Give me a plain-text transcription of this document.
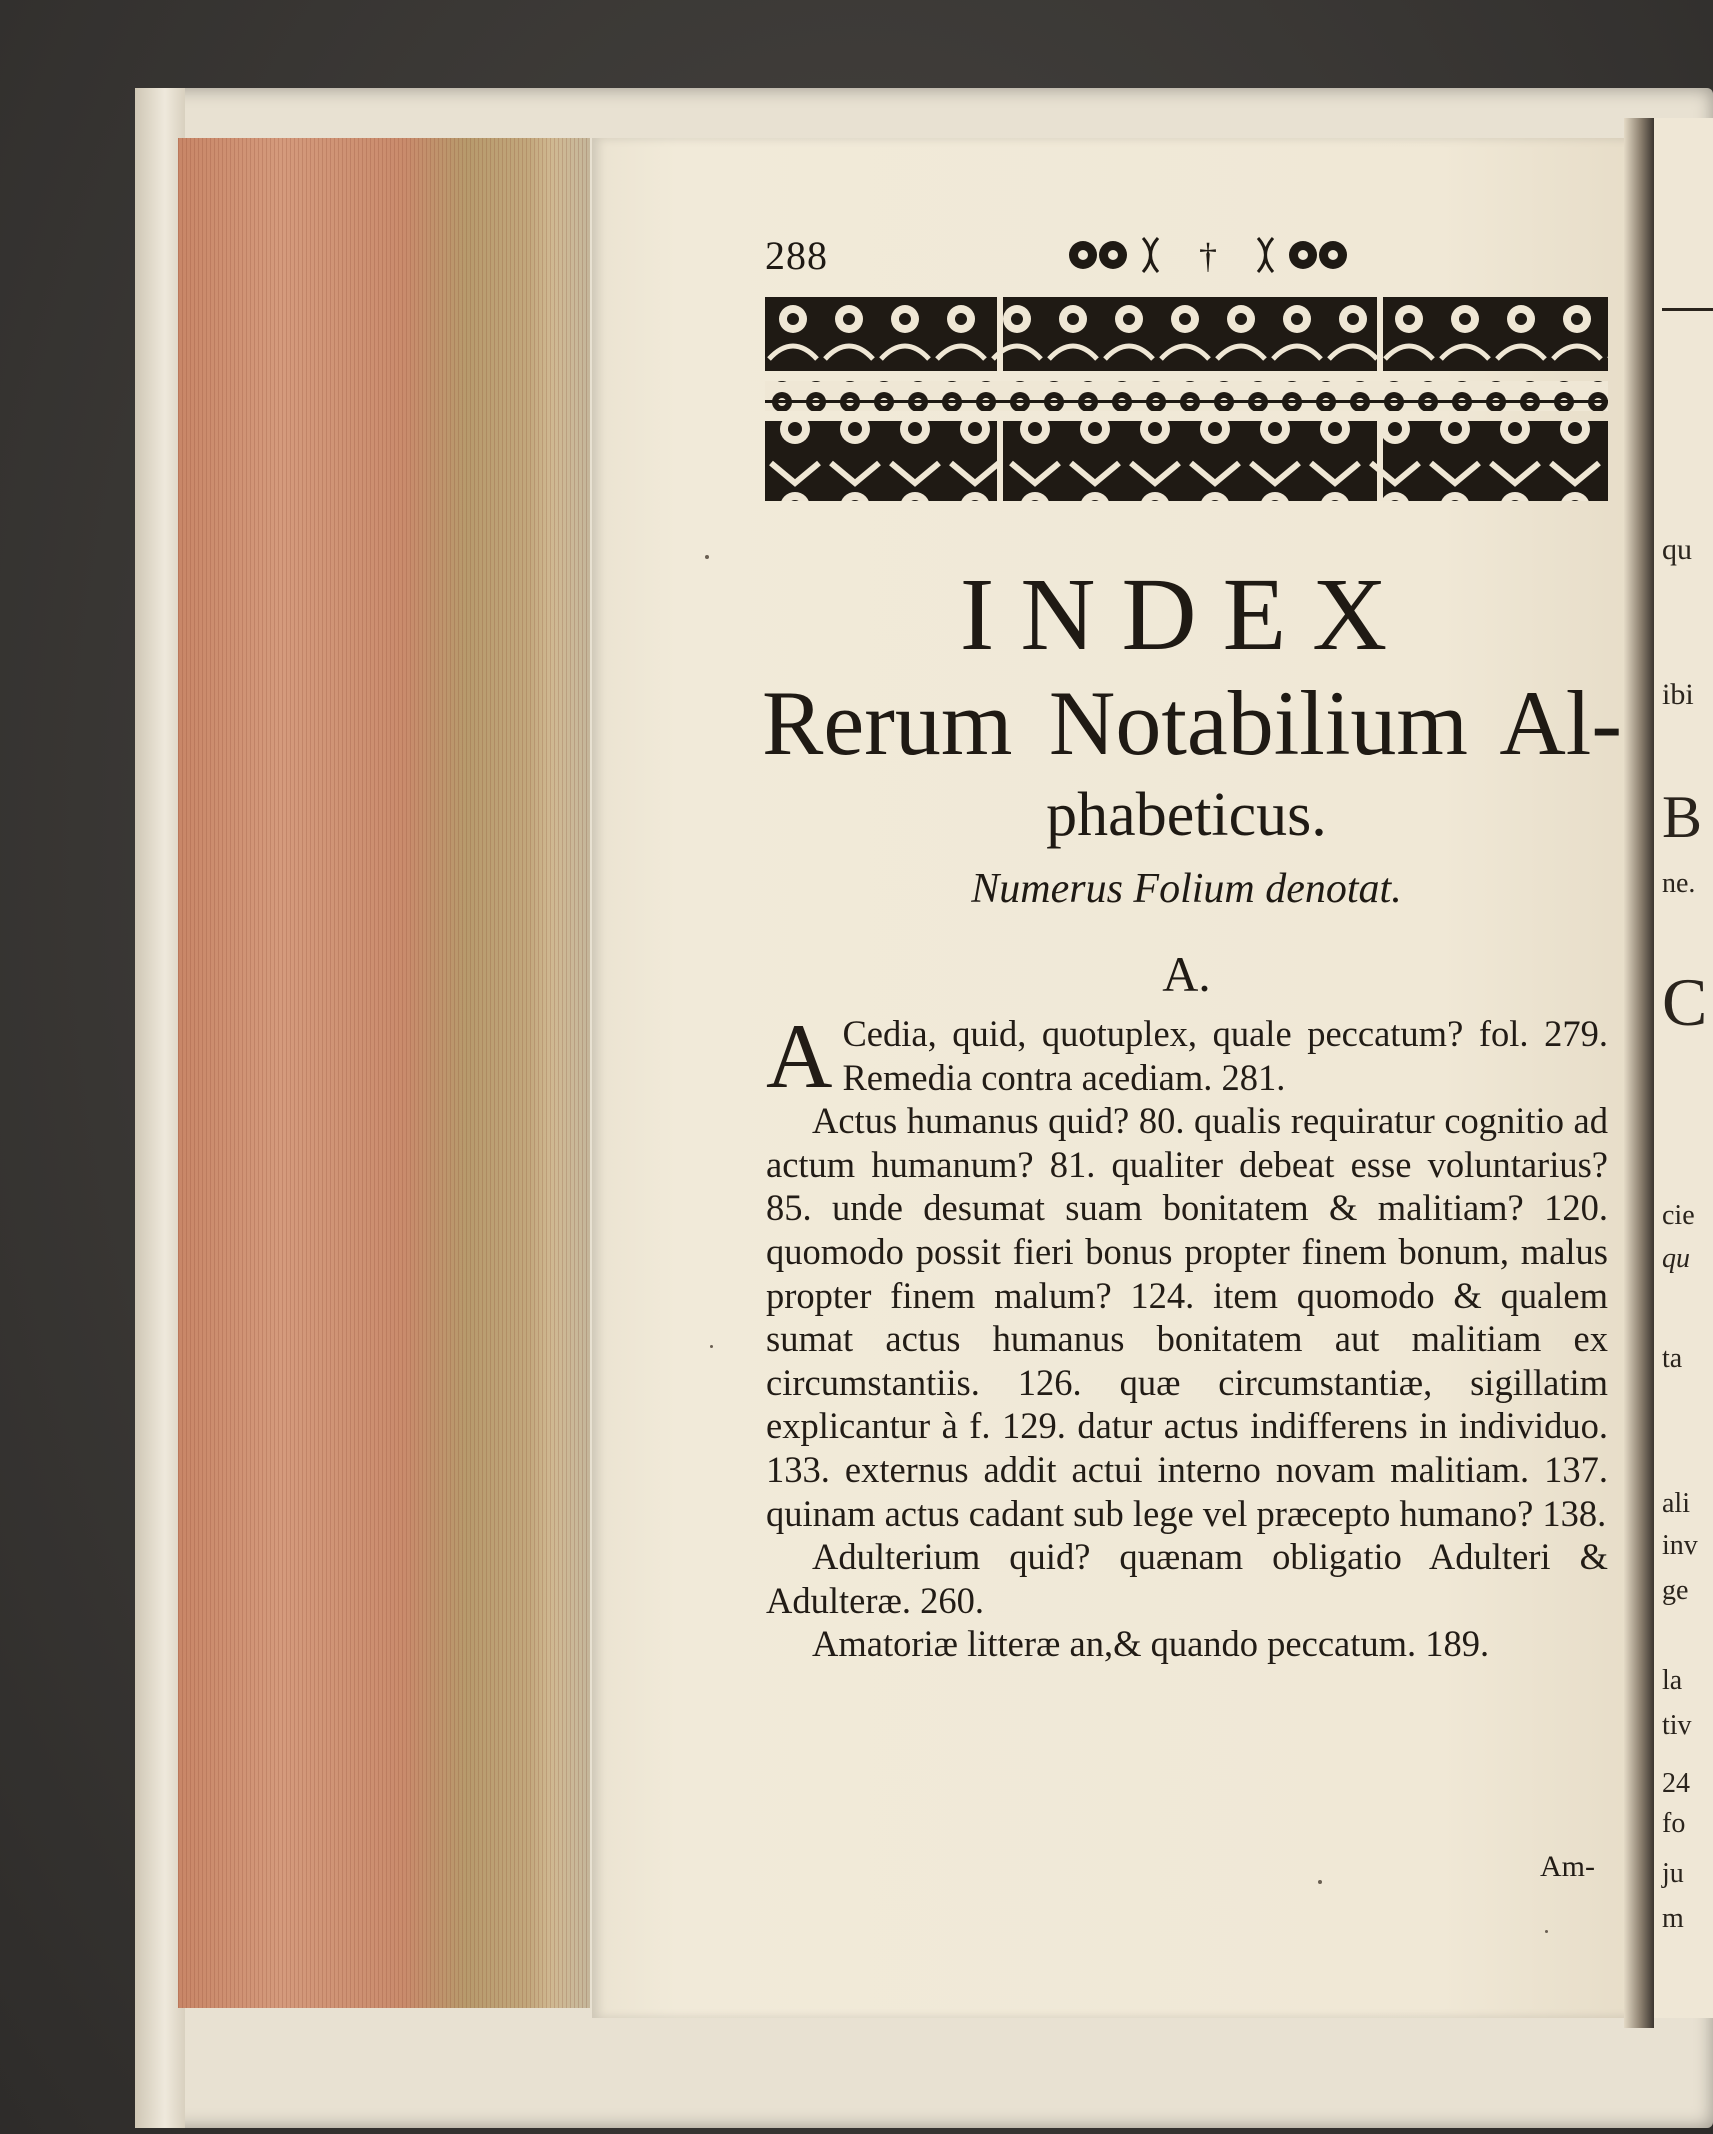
qu
ibi
B
ne.
C
cie
qu
ta
ali
inv
ge
la
tiv
24
fo
ju
m
288	†
INDEX
Rerum Notabilium Al-
phabeticus.
Numerus Folium denotat.
A.

A Cedia, quid, quotuplex, quale peccatum? fol. 279. Remedia contra acediam. 281.

Actus humanus quid? 80. qualis requiratur cognitio ad actum humanum? 81. qualiter debeat esse voluntarius? 85. unde desumat suam bonitatem & malitiam? 120. quomodo possit fieri bonus propter finem bonum, malus propter finem malum? 124. item quomodo & qualem sumat actus humanus bonitatem aut malitiam ex circumstantiis. 126. quæ circumstantiæ, sigillatim explicantur à f. 129. datur actus indifferens in individuo. 133. externus addit actui interno novam malitiam. 137. quinam actus cadant sub lege vel præcepto humano? 138.

Adulterium quid? quænam obligatio Adulteri & Adulteræ. 260.

Amatoriæ litteræ an,& quando peccatum. 189.

Am-
